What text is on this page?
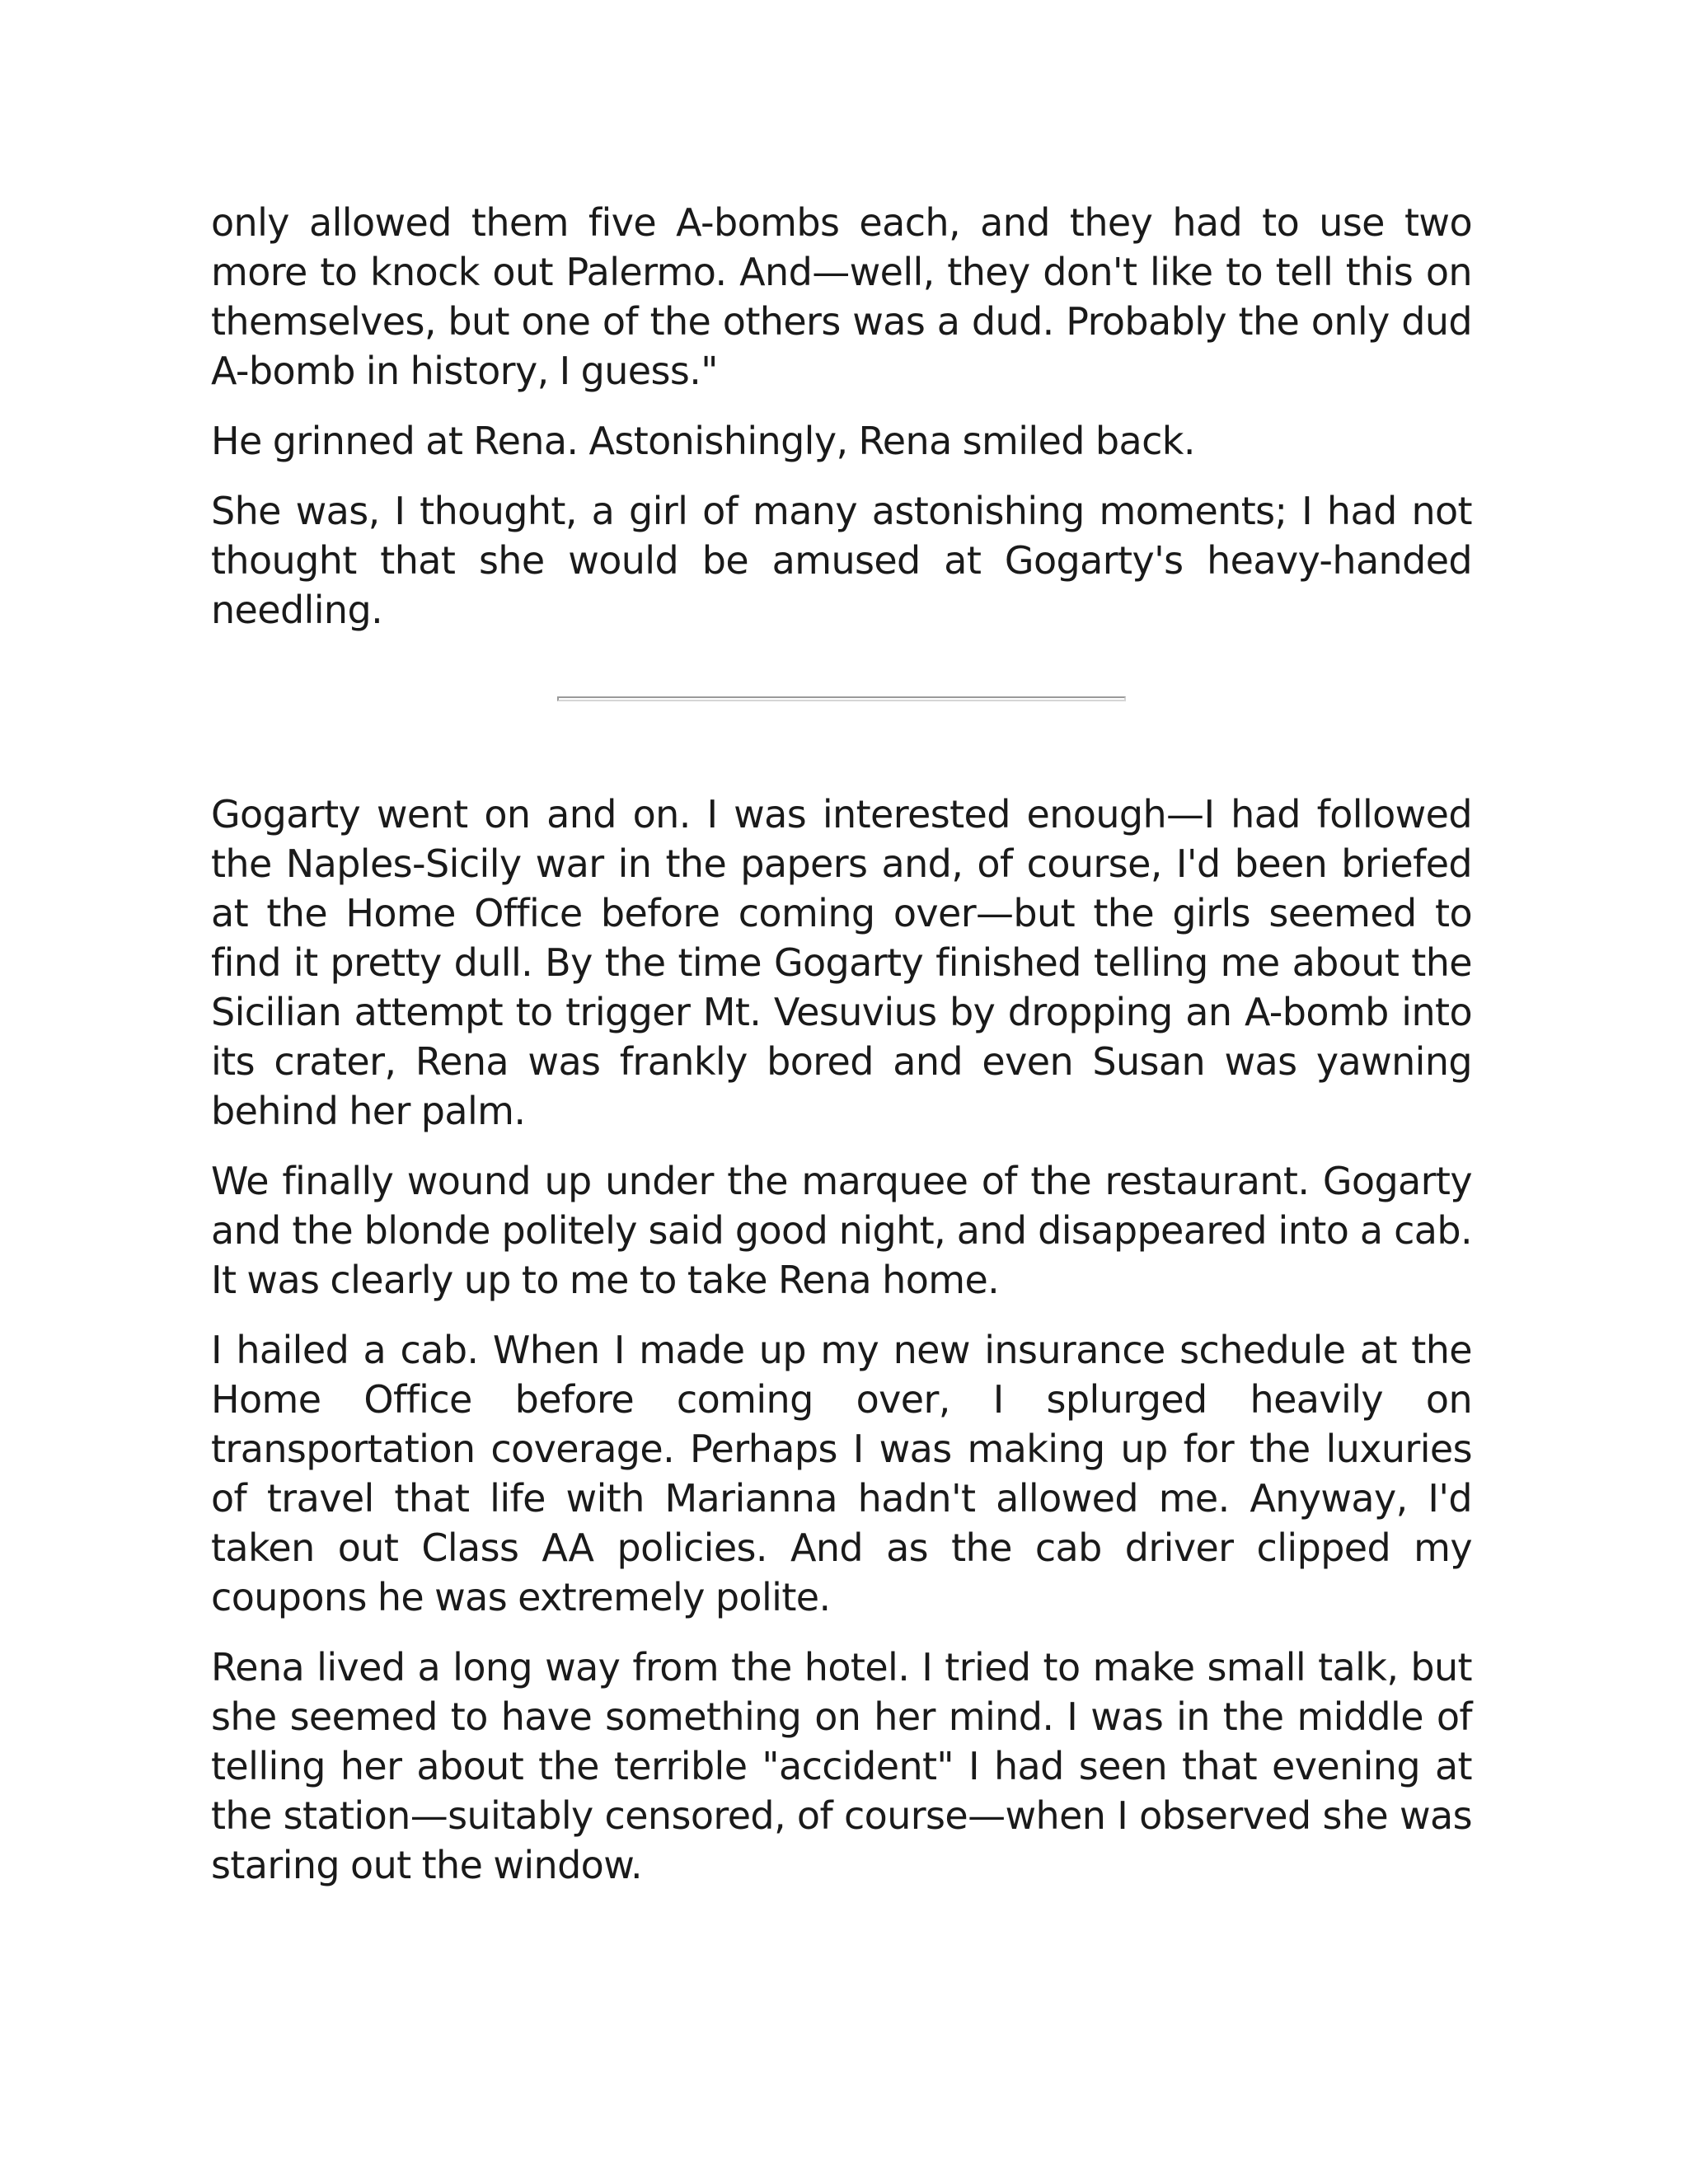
only allowed them five A-bombs each, and they had to use two more to knock out Palermo. And—well, they don't like to tell this on themselves, but one of the others was a dud. Probably the only dud A-bomb in history, I guess."

He grinned at Rena. Astonishingly, Rena smiled back.

She was, I thought, a girl of many astonishing moments; I had not thought that she would be amused at Gogarty's heavy-handed needling.

Gogarty went on and on. I was interested enough—I had followed the Naples-Sicily war in the papers and, of course, I'd been briefed at the Home Office before coming over—but the girls seemed to find it pretty dull. By the time Gogarty finished telling me about the Sicilian attempt to trigger Mt. Vesuvius by dropping an A-bomb into its crater, Rena was frankly bored and even Susan was yawning behind her palm.

We finally wound up under the marquee of the restaurant. Gogarty and the blonde politely said good night, and disappeared into a cab. It was clearly up to me to take Rena home.

I hailed a cab. When I made up my new insurance schedule at the Home Office before coming over, I splurged heavily on transportation coverage. Perhaps I was making up for the luxuries of travel that life with Marianna hadn't allowed me. Anyway, I'd taken out Class AA policies. And as the cab driver clipped my coupons he was extremely polite.

Rena lived a long way from the hotel. I tried to make small talk, but she seemed to have something on her mind. I was in the middle of telling her about the terrible "accident" I had seen that evening at the station—suitably censored, of course—when I observed she was staring out the window.
